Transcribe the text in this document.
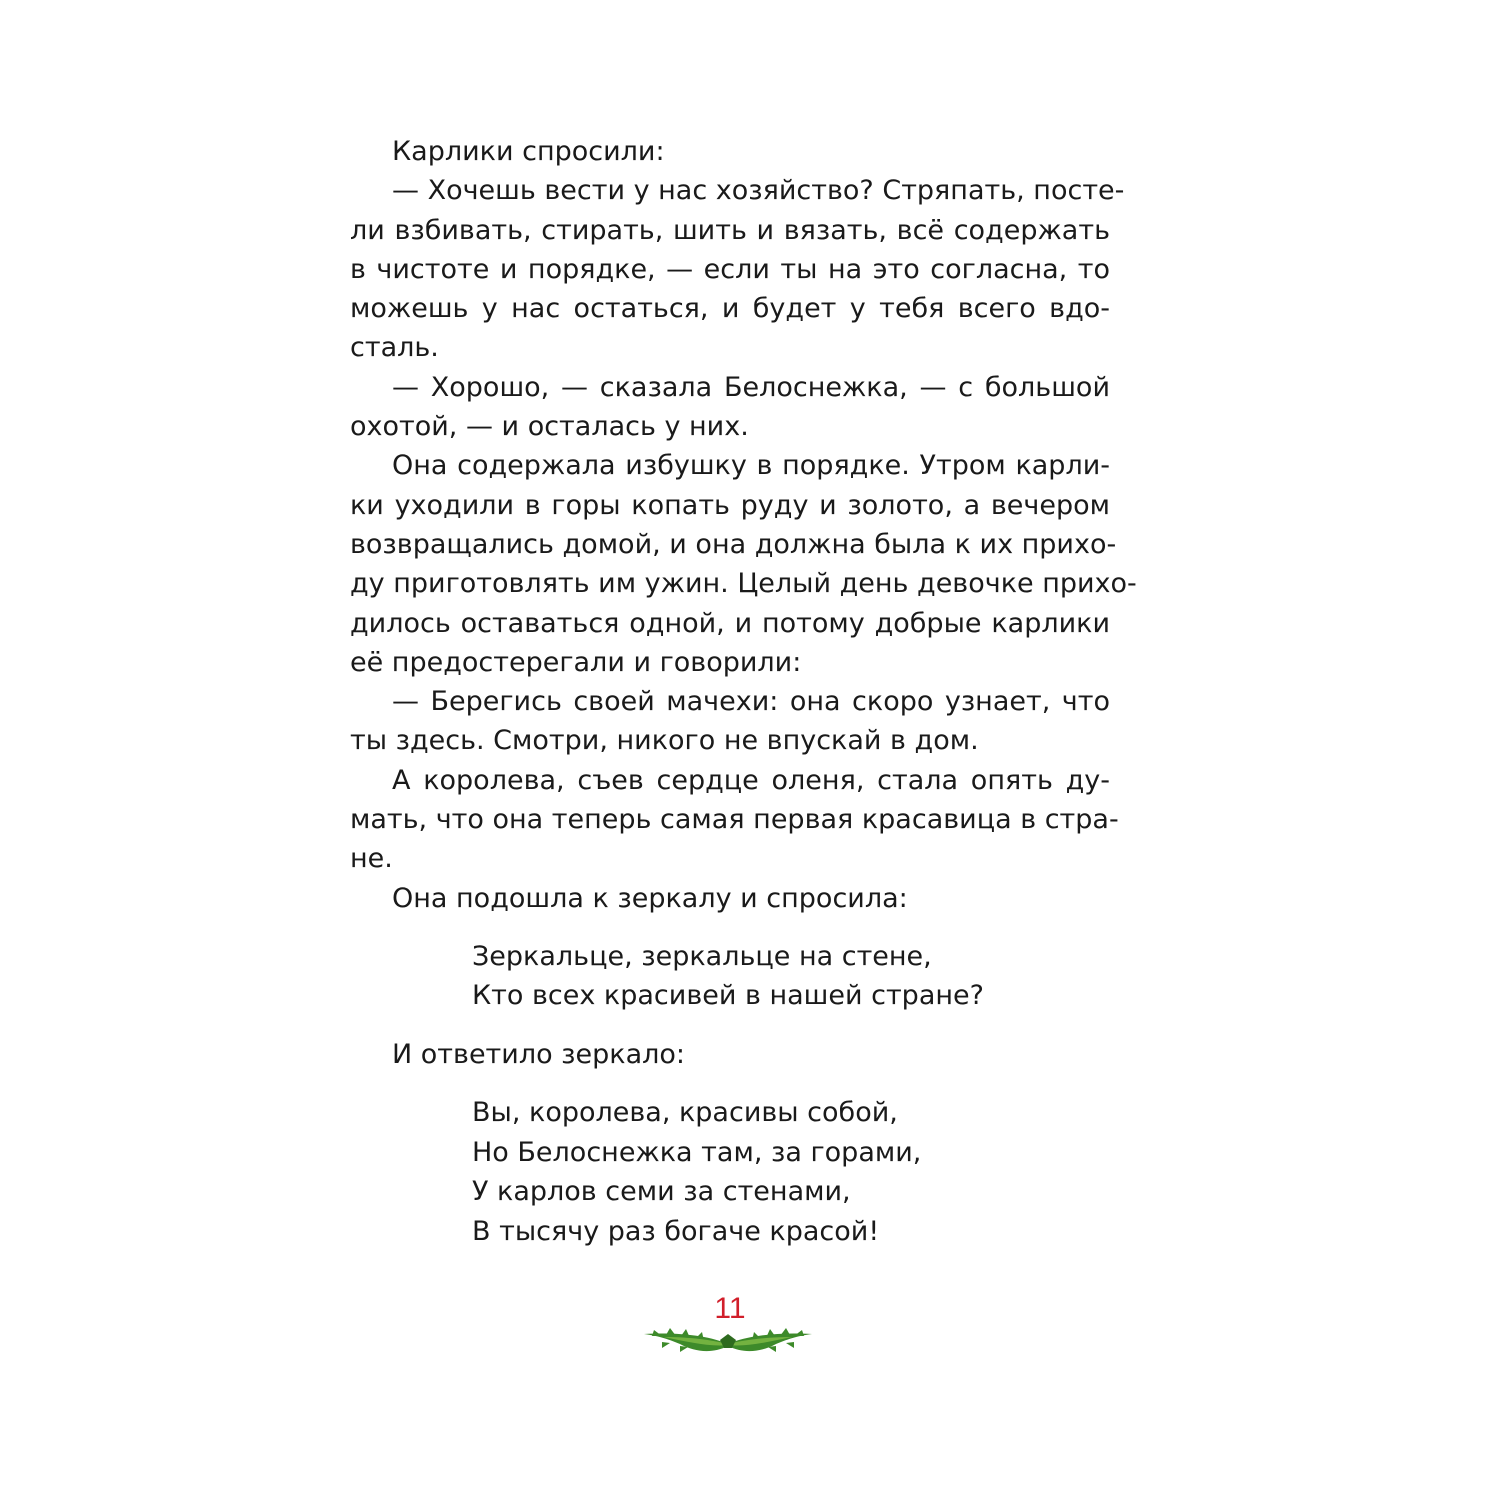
Карлики спросили:
— Хочешь вести у нас хозяйство? Стряпать, посте-
ли взбивать, стирать, шить и вязать, всё содержать
в чистоте и порядке, — если ты на это согласна, то
можешь у нас остаться, и будет у тебя всего вдо-
сталь.
— Хорошо, — сказала Белоснежка, — с большой
охотой, — и осталась у них.
Она содержала избушку в порядке. Утром карли-
ки уходили в горы копать руду и золото, а вечером
возвращались домой, и она должна была к их прихо-
ду приготовлять им ужин. Целый день девочке прихо-
дилось оставаться одной, и потому добрые карлики
её предостерегали и говорили:
— Берегись своей мачехи: она скоро узнает, что
ты здесь. Смотри, никого не впускай в дом.
А королева, съев сердце оленя, стала опять ду-
мать, что она теперь самая первая красавица в стра-
не.
Она подошла к зеркалу и спросила:
Зеркальце, зеркальце на стене,
Кто всех красивей в нашей стране?
И ответило зеркало:
Вы, королева, красивы собой,
Но Белоснежка там, за горами,
У карлов семи за стенами,
В тысячу раз богаче красой!
11
